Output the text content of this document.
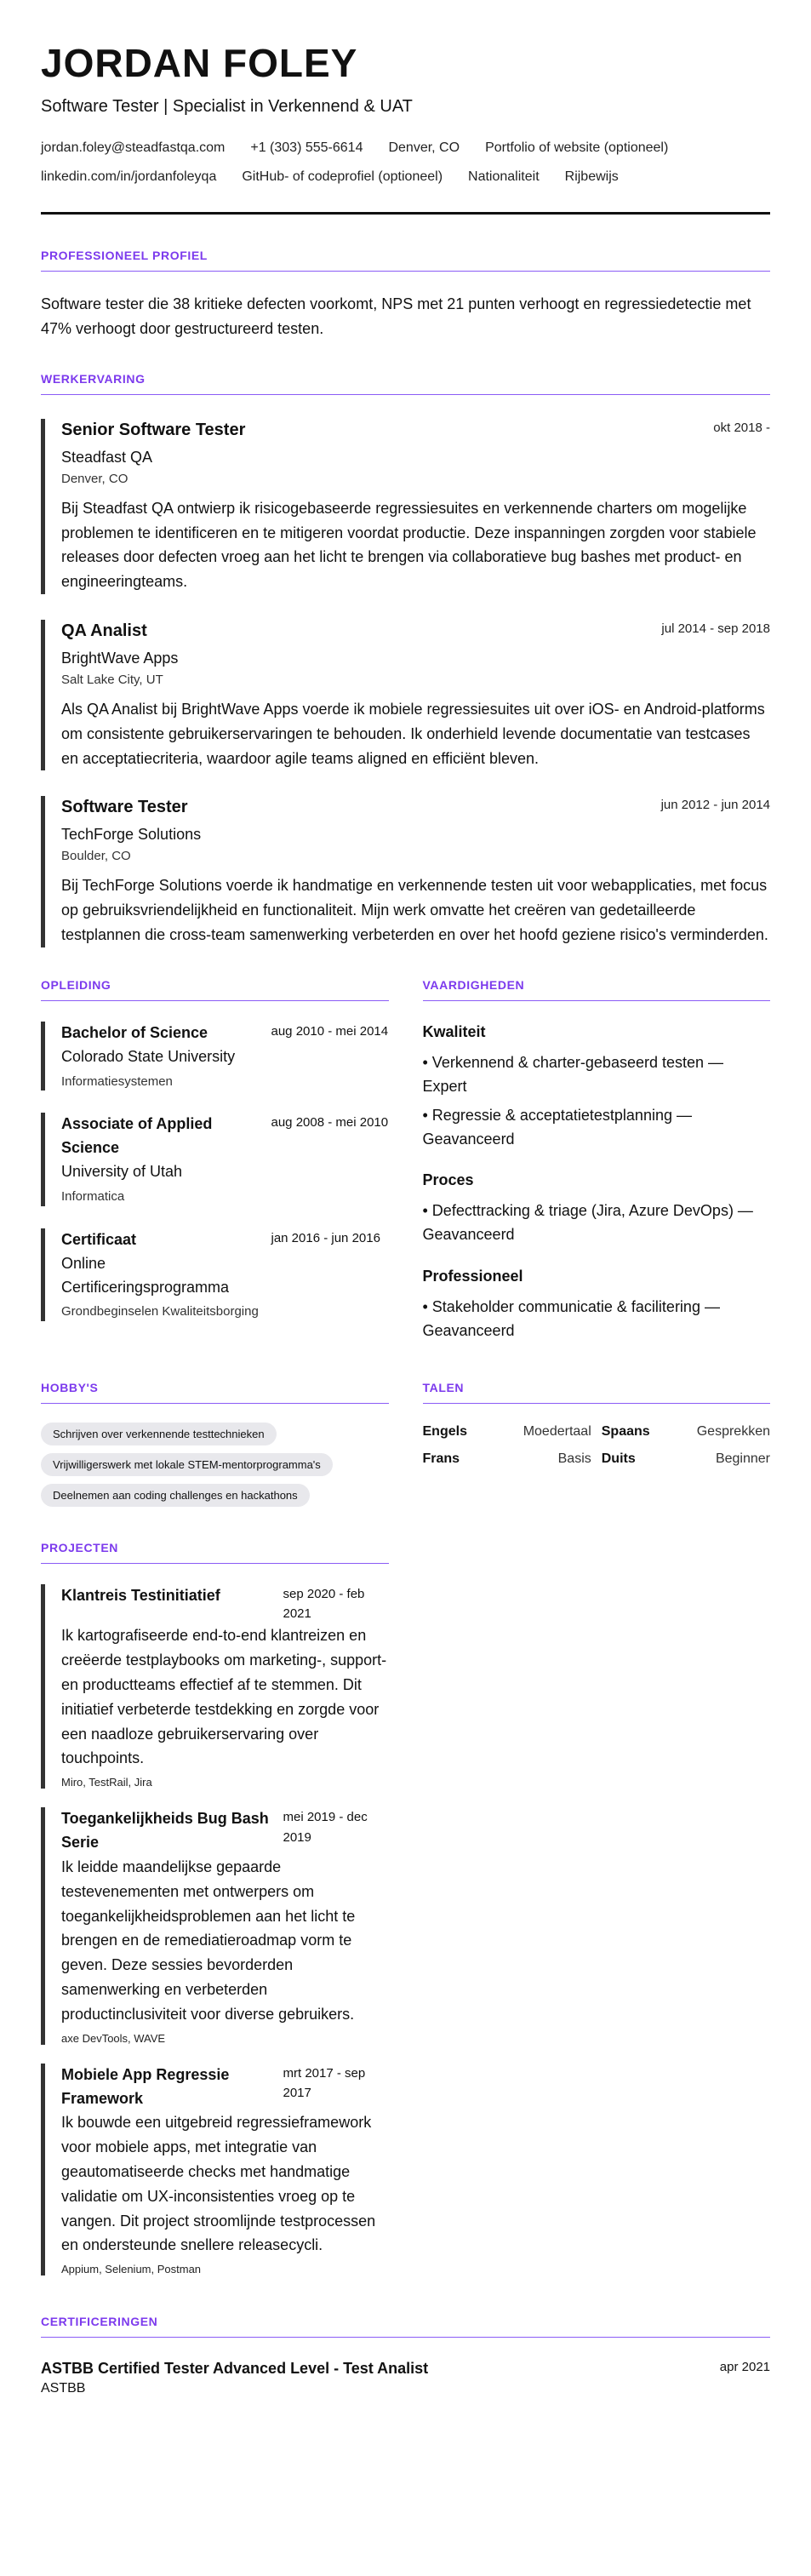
JORDAN FOLEY
Software Tester | Specialist in Verkennend & UAT
jordan.foley@steadfastqa.com +1 (303) 555-6614 Denver, CO Portfolio of website (optioneel)
linkedin.com/in/jordanfoleyqa GitHub- of codeprofiel (optioneel) Nationaliteit Rijbewijs
PROFESSIONEEL PROFIEL

Software tester die 38 kritieke defecten voorkomt, NPS met 21 punten verhoogt en regressiedetectie met 47% verhoogt door gestructureerd testen.

WERKERVARING
Senior Software Tester	okt 2018 -
Steadfast QA
Denver, CO

Bij Steadfast QA ontwierp ik risicogebaseerde regressiesuites en verkennende charters om mogelijke problemen te identificeren en te mitigeren voordat productie. Deze inspanningen zorgden voor stabiele releases door defecten vroeg aan het licht te brengen via collaboratieve bug bashes met product- en engineeringteams.

QA Analist	jul 2014 - sep 2018
BrightWave Apps
Salt Lake City, UT

Als QA Analist bij BrightWave Apps voerde ik mobiele regressiesuites uit over iOS- en Android-platforms om consistente gebruikerservaringen te behouden. Ik onderhield levende documentatie van testcases en acceptatiecriteria, waardoor agile teams aligned en efficiënt bleven.

Software Tester	jun 2012 - jun 2014
TechForge Solutions
Boulder, CO

Bij TechForge Solutions voerde ik handmatige en verkennende testen uit voor webapplicaties, met focus op gebruiksvriendelijkheid en functionaliteit. Mijn werk omvatte het creëren van gedetailleerde testplannen die cross-team samenwerking verbeterden en over het hoofd geziene risico's verminderden.

OPLEIDING
Bachelor of Science
Colorado State University
Informatiesystemen
aug 2010 - mei 2014
Associate of Applied Science
University of Utah
Informatica
aug 2008 - mei 2010
Certificaat
Online Certificeringsprogramma
Grondbeginselen Kwaliteitsborging
jan 2016 - jun 2016
VAARDIGHEDEN
Kwaliteit
• Verkennend & charter-gebaseerd testen — Expert
• Regressie & acceptatietestplanning — Geavanceerd
Proces
• Defecttracking & triage (Jira, Azure DevOps) — Geavanceerd
Professioneel
• Stakeholder communicatie & facilitering — Geavanceerd
HOBBY'S
Schrijven over verkennende testtechnieken
Vrijwilligerswerk met lokale STEM-mentorprogramma's
Deelnemen aan coding challenges en hackathons
TALEN
Engels	Moedertaal Spaans	Gesprekken
Frans	Basis Duits	Beginner
PROJECTEN
Klantreis Testinitiatief	sep 2020 - feb 2021

Ik kartografiseerde end-to-end klantreizen en creëerde testplaybooks om marketing-, support- en productteams effectief af te stemmen. Dit initiatief verbeterde testdekking en zorgde voor een naadloze gebruikerservaring over touchpoints.

Miro, TestRail, Jira
Toegankelijkheids Bug Bash Serie
mei 2019 - dec 2019

Ik leidde maandelijkse gepaarde testevenementen met ontwerpers om toegankelijkheidsproblemen aan het licht te brengen en de remediatieroadmap vorm te geven. Deze sessies bevorderden samenwerking en verbeterden productinclusiviteit voor diverse gebruikers.

axe DevTools, WAVE
Mobiele App Regressie Framework
mrt 2017 - sep 2017

Ik bouwde een uitgebreid regressieframework voor mobiele apps, met integratie van geautomatiseerde checks met handmatige validatie om UX-inconsistenties vroeg op te vangen. Dit project stroomlijnde testprocessen en ondersteunde snellere releasecycli.

Appium, Selenium, Postman
CERTIFICERINGEN
ASTBB Certified Tester Advanced Level - Test Analist
ASTBB
apr 2021
